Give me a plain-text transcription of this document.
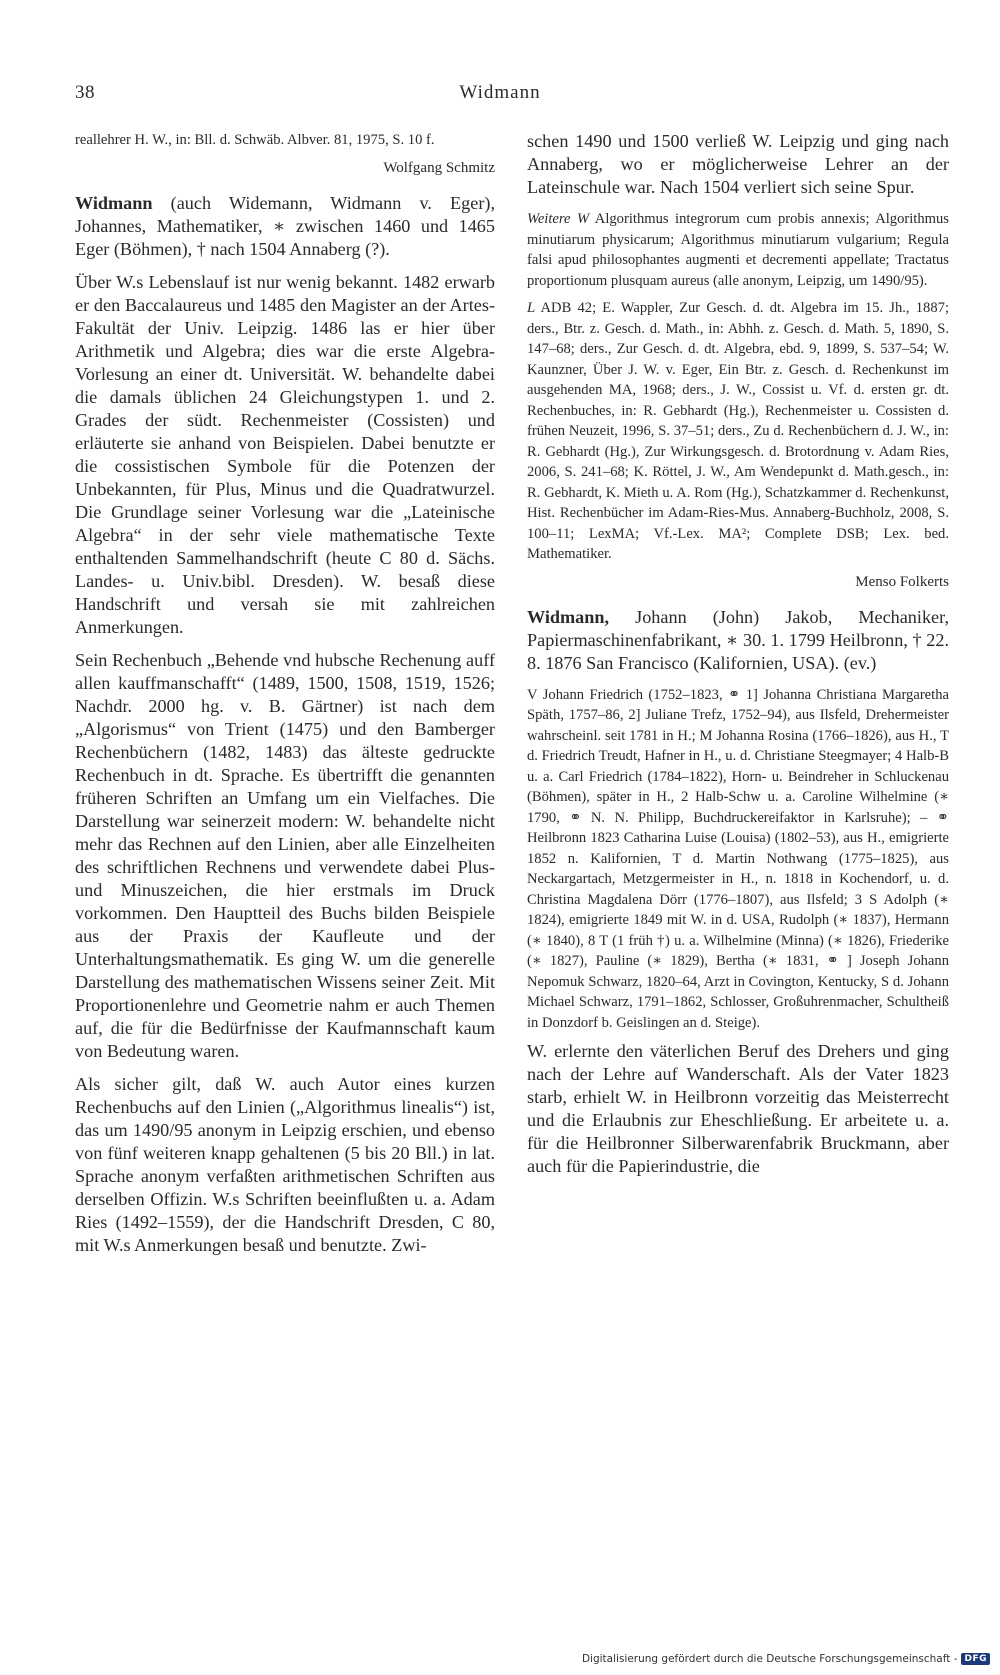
38	Widmann

reallehrer H. W., in: Bll. d. Schwäb. Albver. 81, 1975, S. 10 f.

Wolfgang Schmitz

Widmann (auch Widemann, Widmann v. Eger), Johannes, Mathematiker, ∗ zwischen 1460 und 1465 Eger (Böhmen), † nach 1504 Annaberg (?).

Über W.s Lebenslauf ist nur wenig bekannt. 1482 erwarb er den Baccalaureus und 1485 den Magister an der Artes-Fakultät der Univ. Leipzig. 1486 las er hier über Arithmetik und Algebra; dies war die erste Algebra-Vorlesung an einer dt. Universität. W. behandelte dabei die damals üblichen 24 Gleichungstypen 1. und 2. Grades der südt. Rechenmeister (Cossisten) und erläuterte sie anhand von Beispielen. Dabei benutzte er die cossistischen Symbole für die Potenzen der Unbekannten, für Plus, Minus und die Quadratwurzel. Die Grundlage seiner Vorlesung war die „Lateinische Algebra“ in der sehr viele mathematische Texte enthaltenden Sammelhandschrift (heute C 80 d. Sächs. Landes- u. Univ.bibl. Dresden). W. besaß diese Handschrift und versah sie mit zahlreichen Anmerkungen.

Sein Rechenbuch „Behende vnd hubsche Rechenung auff allen kauffmanschafft“ (1489, 1500, 1508, 1519, 1526; Nachdr. 2000 hg. v. B. Gärtner) ist nach dem „Algorismus“ von Trient (1475) und den Bamberger Rechenbüchern (1482, 1483) das älteste gedruckte Rechenbuch in dt. Sprache. Es übertrifft die genannten früheren Schriften an Umfang um ein Vielfaches. Die Darstellung war seinerzeit modern: W. behandelte nicht mehr das Rechnen auf den Linien, aber alle Einzelheiten des schriftlichen Rechnens und verwendete dabei Plus- und Minuszeichen, die hier erstmals im Druck vorkommen. Den Hauptteil des Buchs bilden Beispiele aus der Praxis der Kaufleute und der Unterhaltungsmathematik. Es ging W. um die generelle Darstellung des mathematischen Wissens seiner Zeit. Mit Proportionenlehre und Geometrie nahm er auch Themen auf, die für die Bedürfnisse der Kaufmannschaft kaum von Bedeutung waren.

Als sicher gilt, daß W. auch Autor eines kurzen Rechenbuchs auf den Linien („Algorithmus linealis“) ist, das um 1490/95 anonym in Leipzig erschien, und ebenso von fünf weiteren knapp gehaltenen (5 bis 20 Bll.) in lat. Sprache anonym verfaßten arithmetischen Schriften aus derselben Offizin. W.s Schriften beeinflußten u. a. Adam Ries (1492–1559), der die Handschrift Dresden, C 80, mit W.s Anmerkungen besaß und benutzte. Zwi-

schen 1490 und 1500 verließ W. Leipzig und ging nach Annaberg, wo er möglicherweise Lehrer an der Lateinschule war. Nach 1504 verliert sich seine Spur.

Weitere W Algorithmus integrorum cum probis annexis; Algorithmus minutiarum physicarum; Algorithmus minutiarum vulgarium; Regula falsi apud philosophantes augmenti et decrementi appellate; Tractatus proportionum plusquam aureus (alle anonym, Leipzig, um 1490/95).

L ADB 42; E. Wappler, Zur Gesch. d. dt. Algebra im 15. Jh., 1887; ders., Btr. z. Gesch. d. Math., in: Abhh. z. Gesch. d. Math. 5, 1890, S. 147–68; ders., Zur Gesch. d. dt. Algebra, ebd. 9, 1899, S. 537–54; W. Kaunzner, Über J. W. v. Eger, Ein Btr. z. Gesch. d. Rechenkunst im ausgehenden MA, 1968; ders., J. W., Cossist u. Vf. d. ersten gr. dt. Rechenbuches, in: R. Gebhardt (Hg.), Rechenmeister u. Cossisten d. frühen Neuzeit, 1996, S. 37–51; ders., Zu d. Rechenbüchern d. J. W., in: R. Gebhardt (Hg.), Zur Wirkungsgesch. d. Brotordnung v. Adam Ries, 2006, S. 241–68; K. Röttel, J. W., Am Wendepunkt d. Math.gesch., in: R. Gebhardt, K. Mieth u. A. Rom (Hg.), Schatzkammer d. Rechenkunst, Hist. Rechenbücher im Adam-Ries-Mus. Annaberg-Buchholz, 2008, S. 100–11; LexMA; Vf.-Lex. MA²; Complete DSB; Lex. bed. Mathematiker.

Menso Folkerts

Widmann, Johann (John) Jakob, Mechaniker, Papiermaschinenfabrikant, ∗ 30. 1. 1799 Heilbronn, † 22. 8. 1876 San Francisco (Kalifornien, USA). (ev.)

V Johann Friedrich (1752–1823, ⚭ 1] Johanna Christiana Margaretha Späth, 1757–86, 2] Juliane Trefz, 1752–94), aus Ilsfeld, Drehermeister wahrscheinl. seit 1781 in H.; M Johanna Rosina (1766–1826), aus H., T d. Friedrich Treudt, Hafner in H., u. d. Christiane Steegmayer; 4 Halb-B u. a. Carl Friedrich (1784–1822), Horn- u. Beindreher in Schluckenau (Böhmen), später in H., 2 Halb-Schw u. a. Caroline Wilhelmine (∗ 1790, ⚭ N. N. Philipp, Buchdruckereifaktor in Karlsruhe); – ⚭ Heilbronn 1823 Catharina Luise (Louisa) (1802–53), aus H., emigrierte 1852 n. Kalifornien, T d. Martin Nothwang (1775–1825), aus Neckargartach, Metzgermeister in H., n. 1818 in Kochendorf, u. d. Christina Magdalena Dörr (1776–1807), aus Ilsfeld; 3 S Adolph (∗ 1824), emigrierte 1849 mit W. in d. USA, Rudolph (∗ 1837), Hermann (∗ 1840), 8 T (1 früh †) u. a. Wilhelmine (Minna) (∗ 1826), Friederike (∗ 1827), Pauline (∗ 1829), Bertha (∗ 1831, ⚭ ] Joseph Johann Nepomuk Schwarz, 1820–64, Arzt in Covington, Kentucky, S d. Johann Michael Schwarz, 1791–1862, Schlosser, Großuhrenmacher, Schultheiß in Donzdorf b. Geislingen an d. Steige).

W. erlernte den väterlichen Beruf des Drehers und ging nach der Lehre auf Wanderschaft. Als der Vater 1823 starb, erhielt W. in Heilbronn vorzeitig das Meisterrecht und die Erlaubnis zur Eheschließung. Er arbeitete u. a. für die Heilbronner Silberwarenfabrik Bruckmann, aber auch für die Papierindustrie, die

Digitalisierung gefördert durch die Deutsche Forschungsgemeinschaft - DFG
